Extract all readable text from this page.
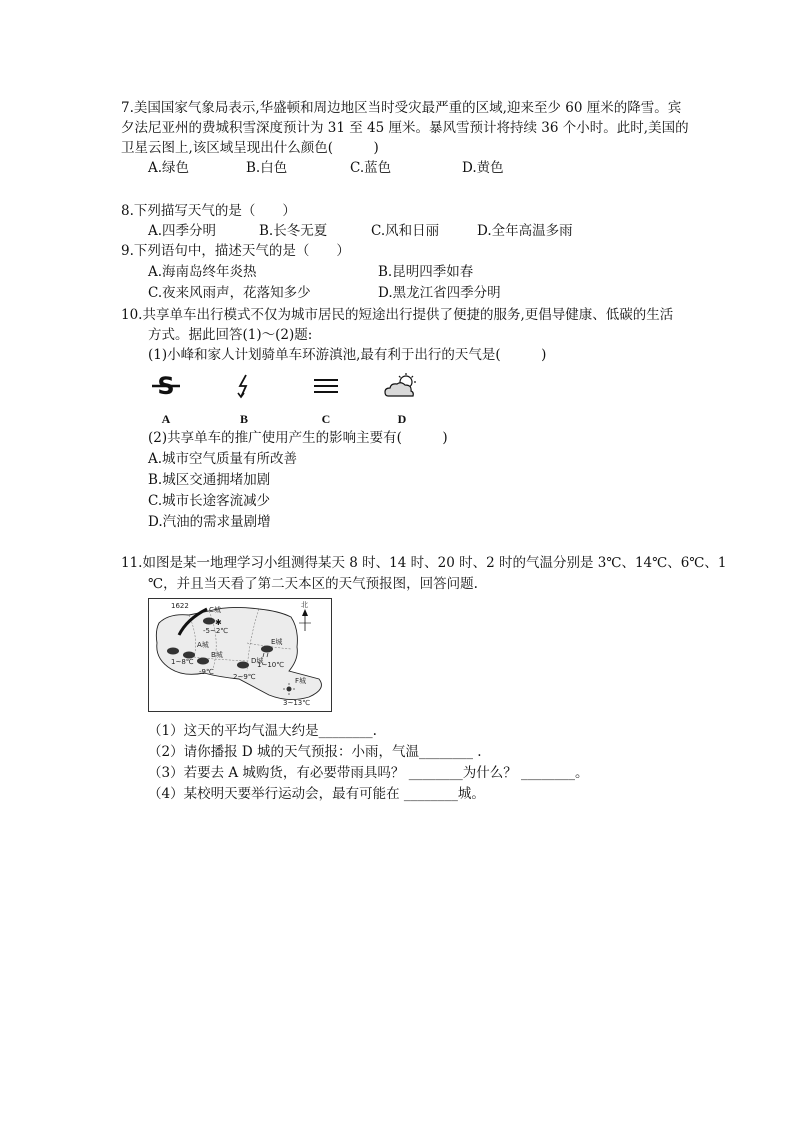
7.美国国家气象局表示,华盛顿和周边地区当时受灾最严重的区域,迎来至少 60 厘米的降雪。宾
夕法尼亚州的费城积雪深度预计为 31 至 45 厘米。暴风雪预计将持续 36 个小时。此时,美国的
卫星云图上,该区域呈现出什么颜色(　　　)
A.绿色	B.白色	C.蓝色	D.黄色
8.下列描写天气的是（　　）
A.四季分明	B.长冬无夏	C.风和日丽	D.全年高温多雨
9.下列语句中，描述天气的是（　　）
A.海南岛终年炎热	B.昆明四季如春
C.夜来风雨声，花落知多少	D.黑龙江省四季分明
10.共享单车出行模式不仅为城市居民的短途出行提供了便捷的服务,更倡导健康、低碳的生活
方式。据此回答(1)～(2)题:
(1)小峰和家人计划骑单车环游滇池,最有利于出行的天气是(　　　)
S
A	B	C	D
(2)共享单车的推广使用产生的影响主要有(　　　)
A.城市空气质量有所改善
B.城区交通拥堵加剧
C.城市长途客流减少
D.汽油的需求量剧增
11.如图是某一地理学习小组测得某天 8 时、14 时、20 时、2 时的气温分别是 3℃、14℃、6℃、1
℃，并且当天看了第二天本区的天气预报图，回答问题.
1622	北
✱
C城
-5~2℃
E城
1~10℃
A城
1~8℃
B城
-9℃
D城
2~9℃	F城
3~13℃
（1）这天的平均气温大约是________.
（2）请你播报 D 城的天气预报：小雨，气温________ .
（3）若要去 A 城购货，有必要带雨具吗？ ________为什么？ ________。
（4）某校明天要举行运动会，最有可能在 ________城。
